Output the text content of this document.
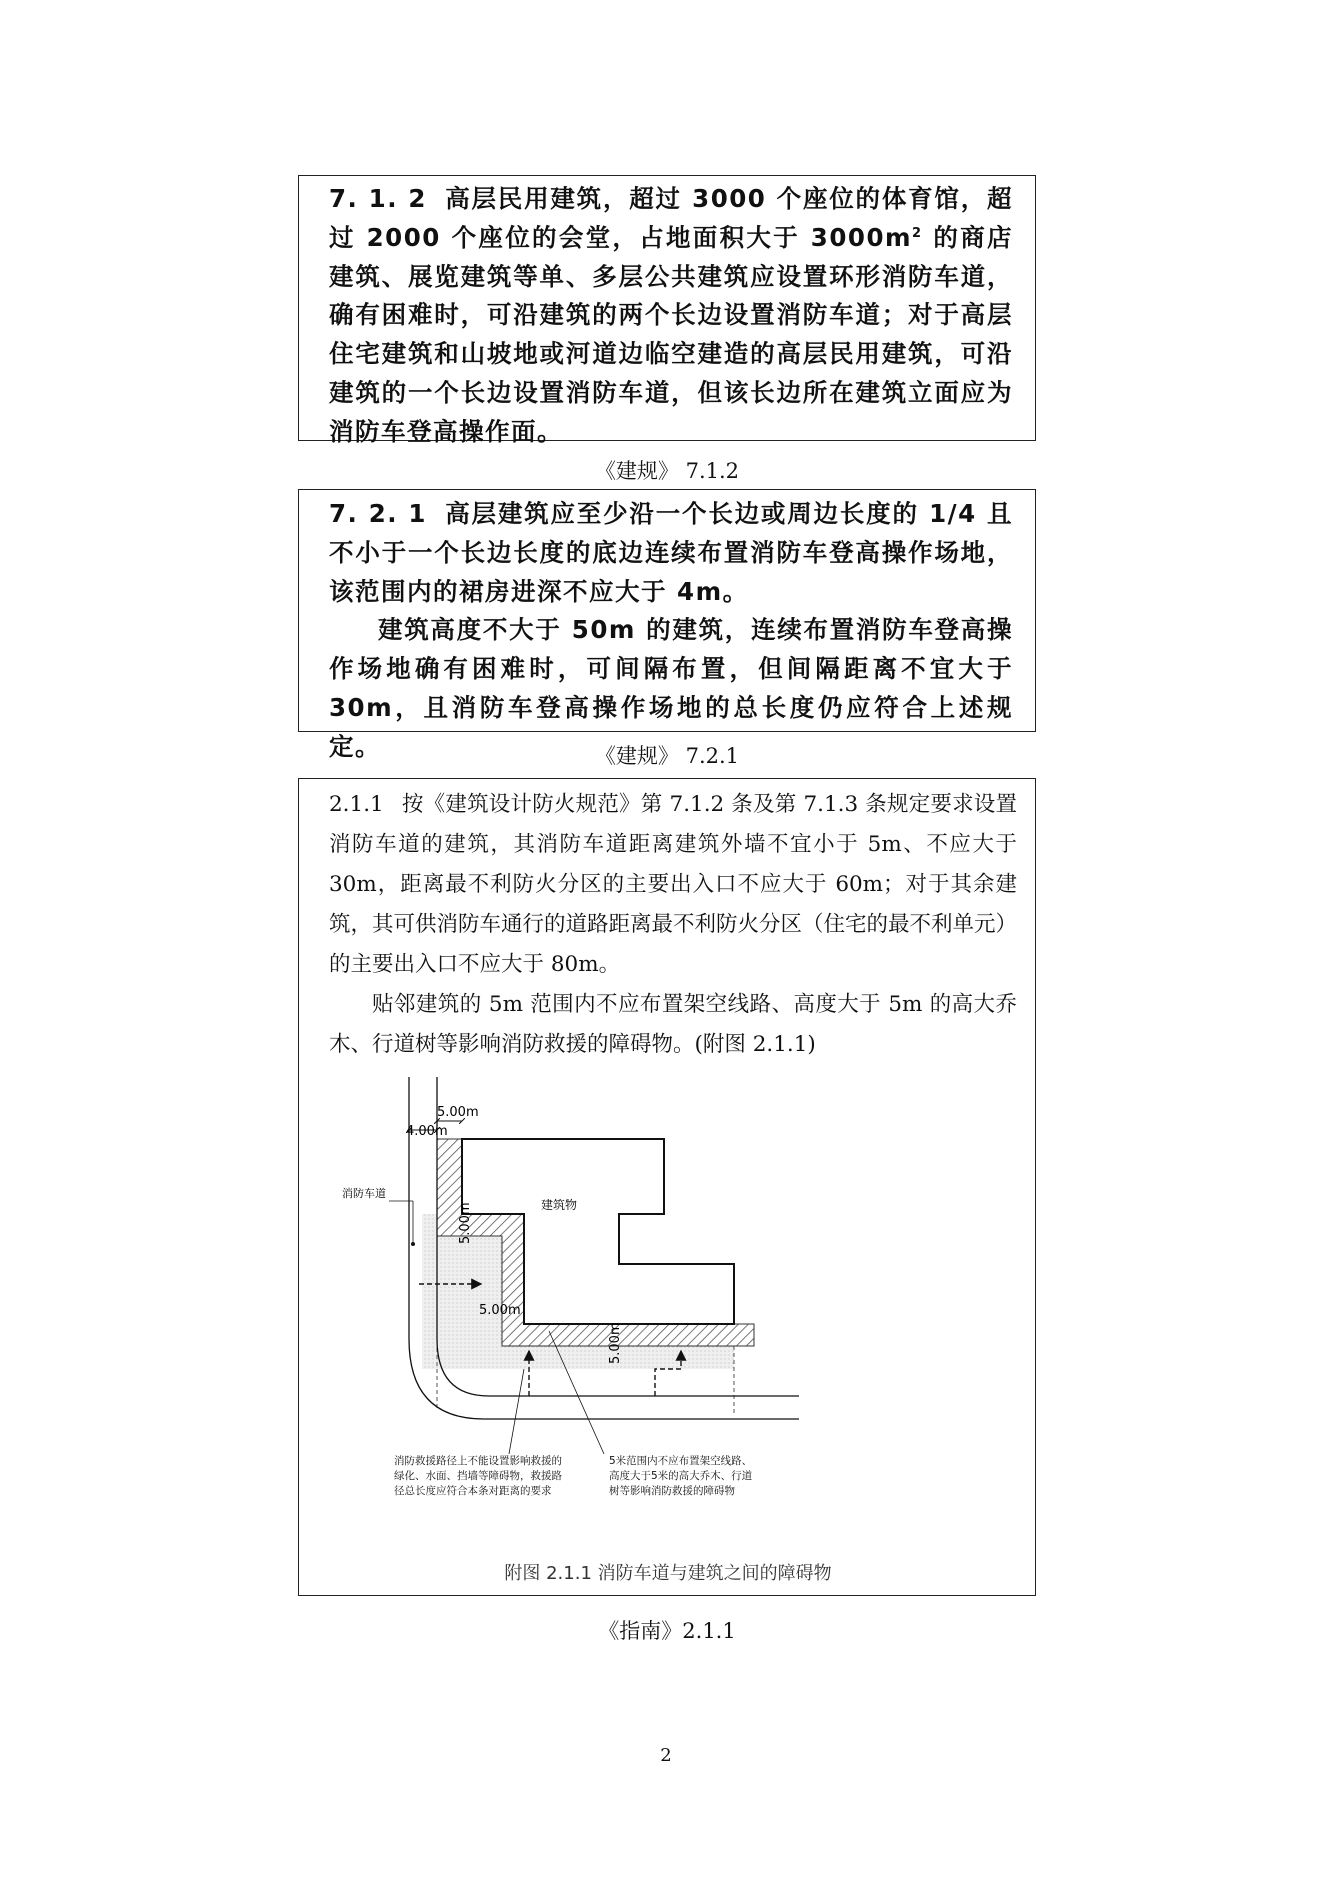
7. 1. 2 高层民用建筑，超过 3000 个座位的体育馆，超过 2000 个座位的会堂，占地面积大于 $3000m^2$ 的商店建筑、展览建筑等单、多层公共建筑应设置环形消防车道，确有困难时，可沿建筑的两个长边设置消防车道；对于高层住宅建筑和山坡地或河道边临空建造的高层民用建筑，可沿建筑的一个长边设置消防车道，但该长边所在建筑立面应为消防车登高操作面。

《建规》 7.1.2

7. 2. 1 高层建筑应至少沿一个长边或周边长度的 1/4 且不小于一个长边长度的底边连续布置消防车登高操作场地，该范围内的裙房进深不应大于 4m。

建筑高度不大于 50m 的建筑，连续布置消防车登高操作场地确有困难时，可间隔布置，但间隔距离不宜大于 30m，且消防车登高操作场地的总长度仍应符合上述规定。	《建规》 7.2.1

2.1.1 按《建筑设计防火规范》第 7.1.2 条及第 7.1.3 条规定要求设置消防车道的建筑，其消防车道距离建筑外墙不宜小于 5m、不应大于 30m，距离最不利防火分区的主要出入口不应大于 60m；对于其余建筑，其可供消防车通行的道路距离最不利防火分区（住宅的最不利单元）的主要出入口不应大于 80m。

贴邻建筑的 5m 范围内不应布置架空线路、高度大于 5m 的高大乔木、行道树等影响消防救援的障碍物。(附图 2.1.1)

5.00m
4.00m
5.00m
5.00m
5.00m
建筑物
消防车道
消防救援路径上不能设置影响救援的
绿化、水面、挡墙等障碍物，救援路
径总长度应符合本条对距离的要求
5米范围内不应布置架空线路、
高度大于5米的高大乔木、行道
树等影响消防救援的障碍物
附图 2.1.1 消防车道与建筑之间的障碍物
《指南》2.1.1
2
